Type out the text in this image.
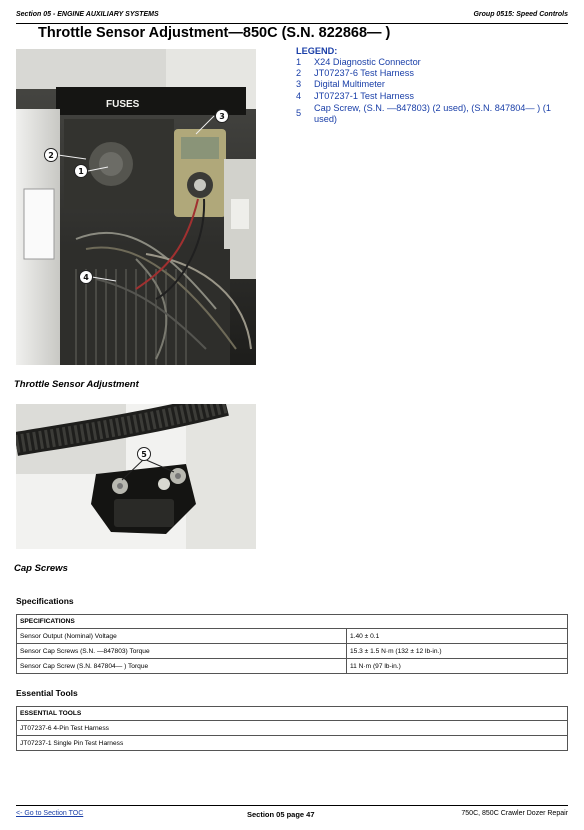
Section 05 - ENGINE AUXILIARY SYSTEMS	Group 0515: Speed Controls
Throttle Sensor Adjustment—850C (S.N. 822868— )
FUSES
2
1
3
4
LEGEND:
1	X24 Diagnostic Connector
2	JT07237-6 Test Harness
3	Digital Multimeter
4	JT07237-1 Test Harness
5	Cap Screw, (S.N. —847803) (2 used), (S.N. 847804— ) (1 used)
Throttle Sensor Adjustment
5
Cap Screws
Specifications
SPECIFICATIONS	
Sensor Output (Nominal) Voltage	1.40 ± 0.1
Sensor Cap Screws (S.N. —847803) Torque	15.3 ± 1.5 N·m (132 ± 12 lb-in.)
Sensor Cap Screw (S.N. 847804— ) Torque	11 N·m (97 lb-in.)
Essential Tools
ESSENTIAL TOOLS
JT07237-6 4-Pin Test Harness
JT07237-1 Single Pin Test Harness
<- Go to Section TOC	Section 05 page 47	750C, 850C Crawler Dozer Repair
